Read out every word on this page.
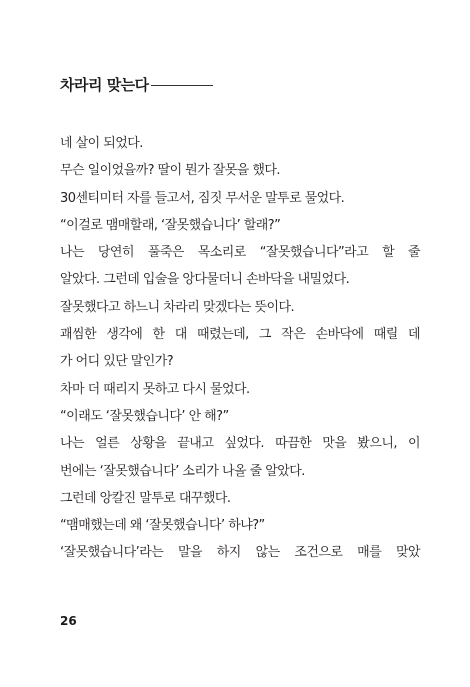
차라리 맞는다
네 살이 되었다.
무슨 일이었을까? 딸이 뭔가 잘못을 했다.
30센티미터 자를 들고서, 짐짓 무서운 말투로 물었다.
“이걸로 맴매할래, ‘잘못했습니다’ 할래?”
나는 당연히 풀죽은 목소리로 “잘못했습니다”라고 할 줄
알았다. 그런데 입술을 앙다물더니 손바닥을 내밀었다.
잘못했다고 하느니 차라리 맞겠다는 뜻이다.
괘씸한 생각에 한 대 때렸는데, 그 작은 손바닥에 때릴 데
가 어디 있단 말인가?
차마 더 때리지 못하고 다시 물었다.
“이래도 ‘잘못했습니다’ 안 해?”
나는 얼른 상황을 끝내고 싶었다. 따끔한 맛을 봤으니, 이
번에는 ‘잘못했습니다’ 소리가 나올 줄 알았다.
그런데 앙칼진 말투로 대꾸했다.
“맴매했는데 왜 ‘잘못했습니다’ 하냐?”
‘잘못했습니다’라는 말을 하지 않는 조건으로 매를 맞았
26
